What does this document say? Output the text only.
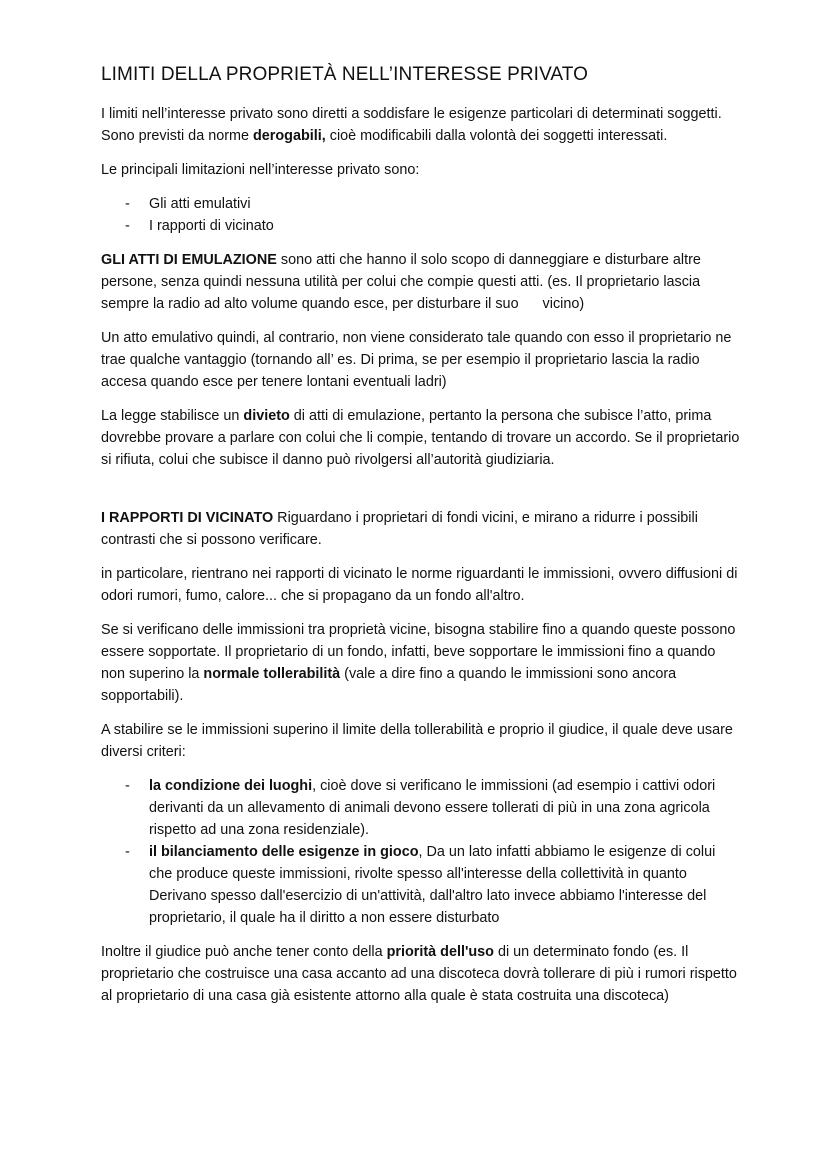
LIMITI DELLA PROPRIETÀ NELL’INTERESSE PRIVATO

I limiti nell’interesse privato sono diretti a soddisfare le esigenze particolari di determinati soggetti. Sono previsti da norme derogabili, cioè modificabili dalla volontà dei soggetti interessati.

Le principali limitazioni nell’interesse privato sono:

- Gli atti emulativi
- I rapporti di vicinato

GLI ATTI DI EMULAZIONE sono atti che hanno il solo scopo di danneggiare e disturbare altre persone, senza quindi nessuna utilità per colui che compie questi atti. (es. Il proprietario lascia sempre la radio ad alto volume quando esce, per disturbare il suo      vicino)

Un atto emulativo quindi, al contrario, non viene considerato tale quando con esso il proprietario ne trae qualche vantaggio (tornando all’ es. Di prima, se per esempio il proprietario lascia la radio accesa quando esce per tenere lontani eventuali ladri)

La legge stabilisce un divieto di atti di emulazione, pertanto la persona che subisce l’atto, prima dovrebbe provare a parlare con colui che li compie, tentando di trovare un accordo. Se il proprietario si rifiuta, colui che subisce il danno può rivolgersi all’autorità giudiziaria.

I RAPPORTI DI VICINATO Riguardano i proprietari di fondi vicini, e mirano a ridurre i possibili contrasti che si possono verificare.

in particolare, rientrano nei rapporti di vicinato le norme riguardanti le immissioni, ovvero diffusioni di odori rumori, fumo, calore... che si propagano da un fondo all'altro.

Se si verificano delle immissioni tra proprietà vicine, bisogna stabilire fino a quando queste possono essere sopportate. Il proprietario di un fondo, infatti, beve sopportare le immissioni fino a quando non superino la normale tollerabilità (vale a dire fino a quando le immissioni sono ancora sopportabili).

A stabilire se le immissioni superino il limite della tollerabilità e proprio il giudice, il quale deve usare diversi criteri:

- la condizione dei luoghi, cioè dove si verificano le immissioni (ad esempio i cattivi odori derivanti da un allevamento di animali devono essere tollerati di più in una zona agricola rispetto ad una zona residenziale).
- il bilanciamento delle esigenze in gioco, Da un lato infatti abbiamo le esigenze di colui che produce queste immissioni, rivolte spesso all'interesse della collettività in quanto Derivano spesso dall'esercizio di un'attività, dall'altro lato invece abbiamo l'interesse del proprietario, il quale ha il diritto a non essere disturbato

Inoltre il giudice può anche tener conto della priorità dell'uso di un determinato fondo (es. Il proprietario che costruisce una casa accanto ad una discoteca dovrà tollerare di più i rumori rispetto al proprietario di una casa già esistente attorno alla quale è stata costruita una discoteca)
